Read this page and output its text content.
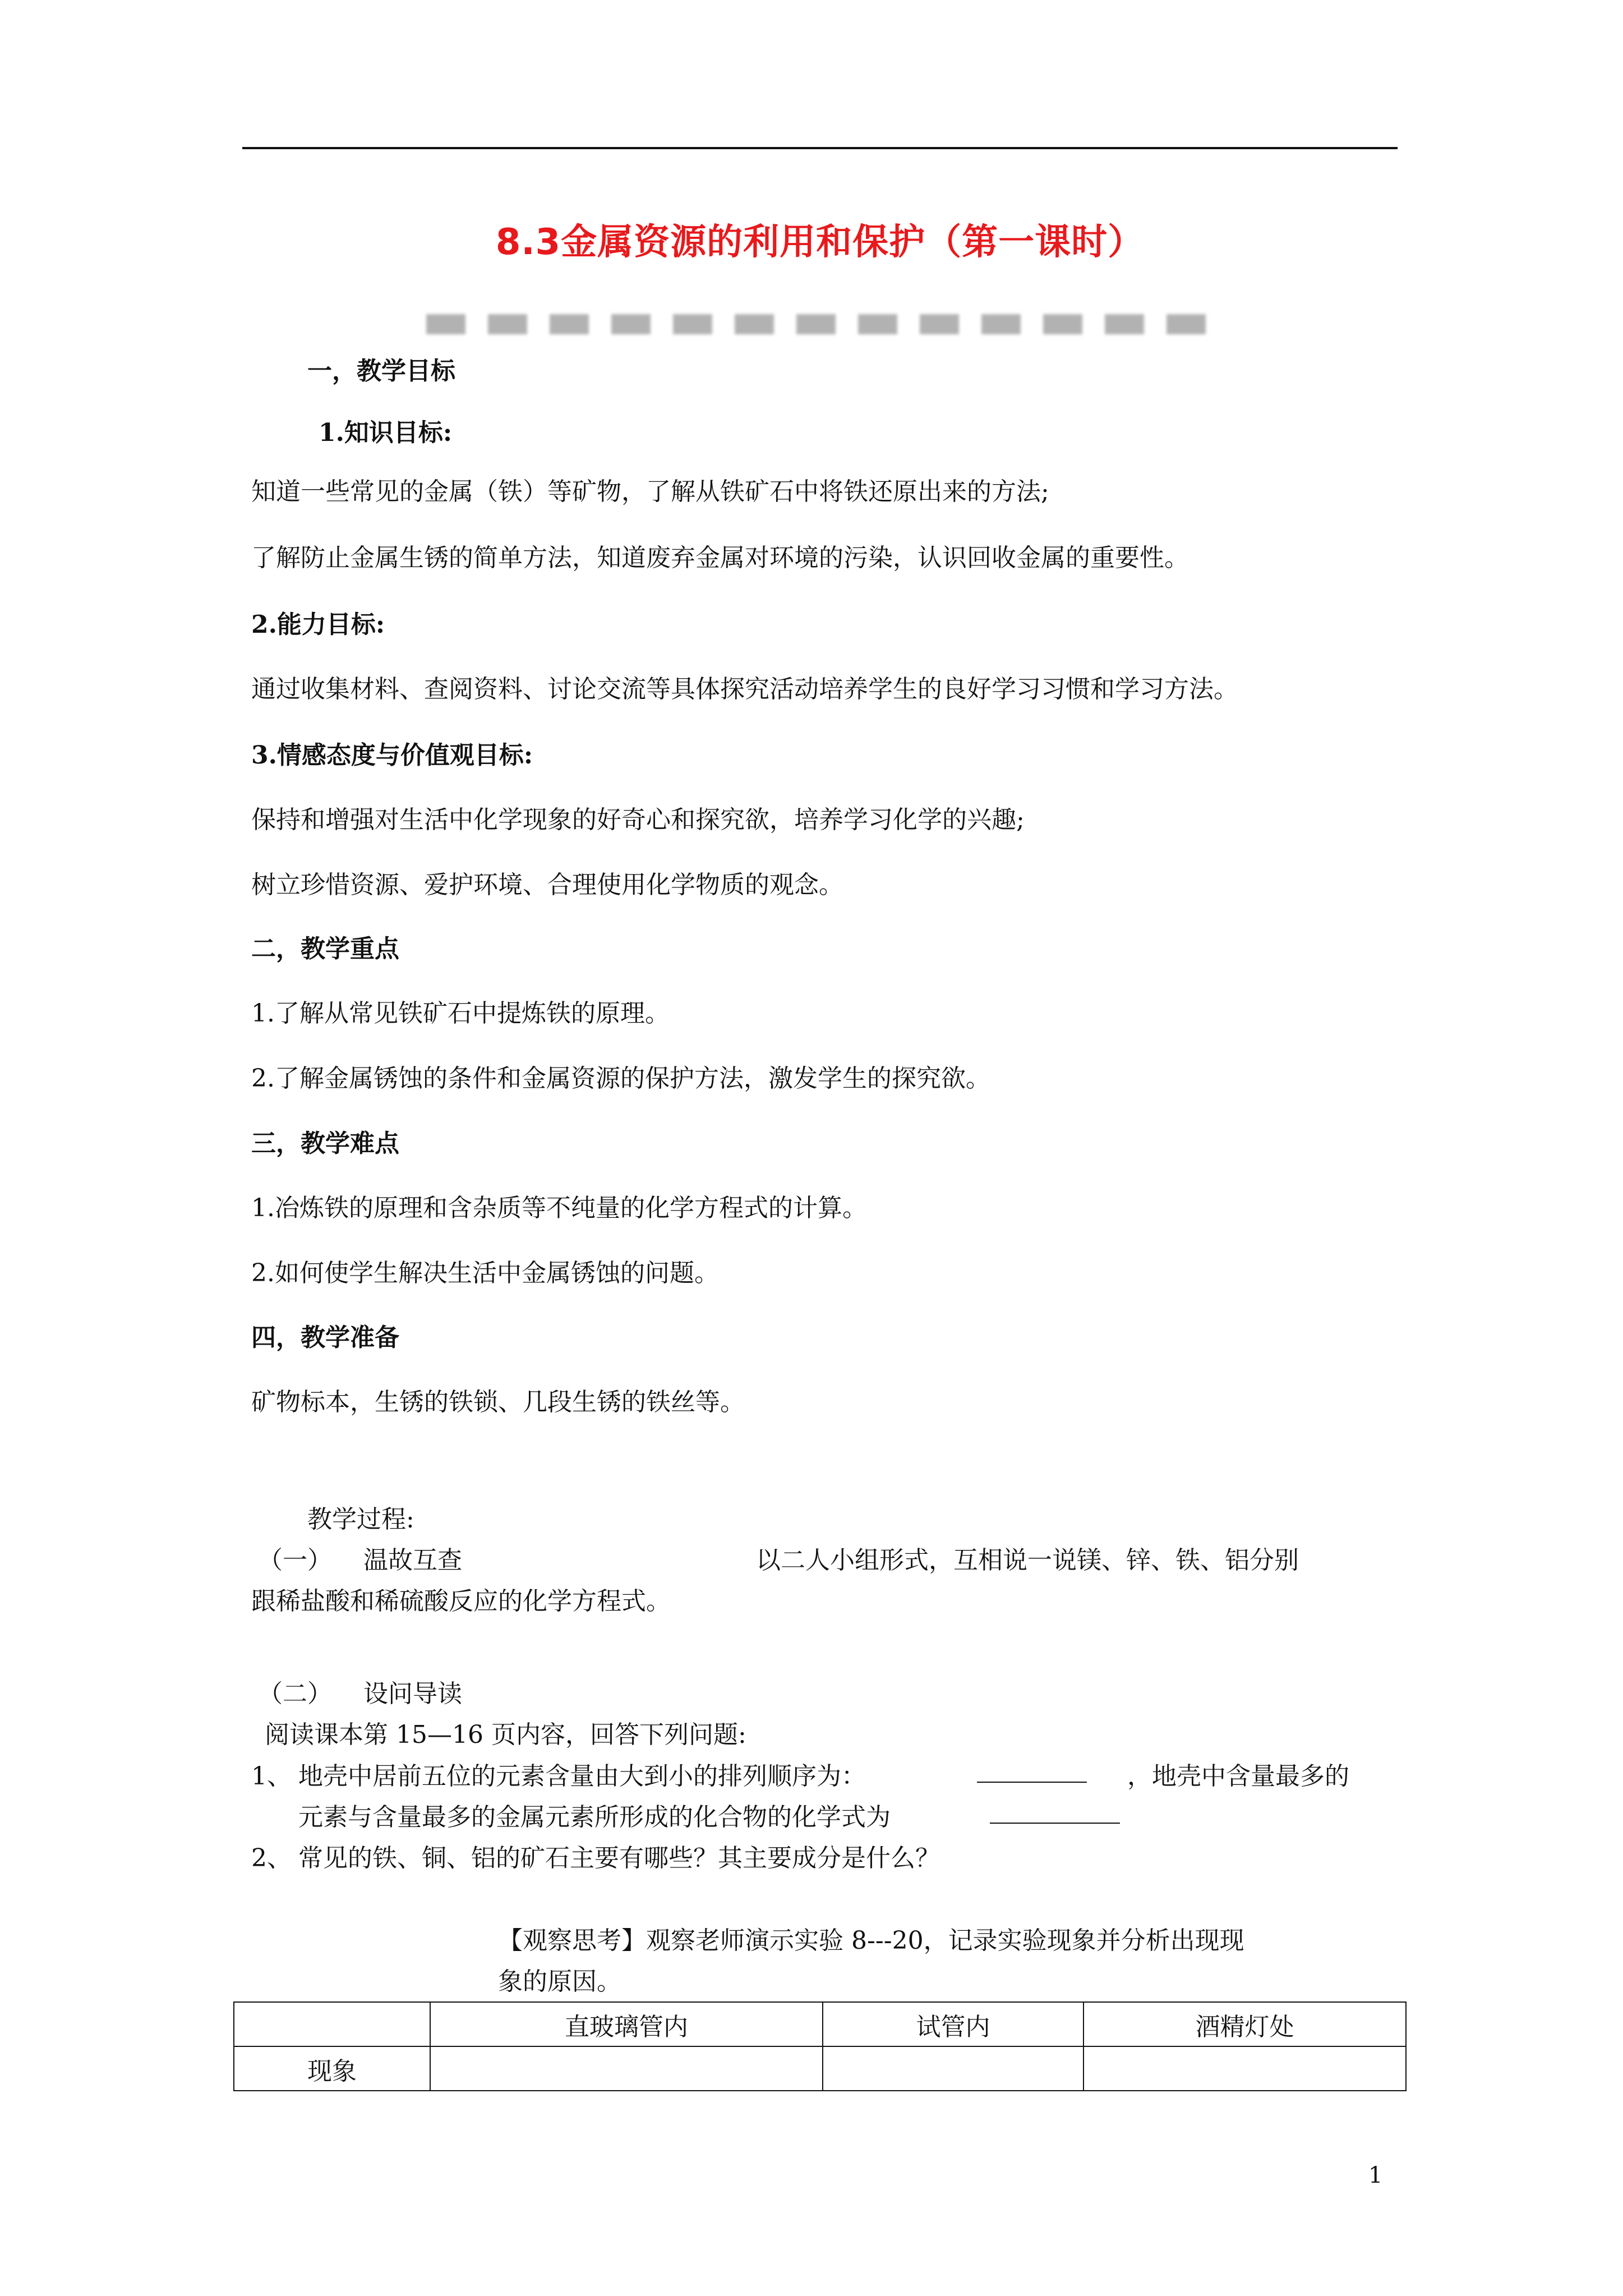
8.3金属资源的利用和保护（第一课时）
一，教学目标
1.知识目标:
知道一些常见的金属（铁）等矿物，了解从铁矿石中将铁还原出来的方法;
了解防止金属生锈的简单方法，知道废弃金属对环境的污染，认识回收金属的重要性。
2.能力目标:
通过收集材料、查阅资料、讨论交流等具体探究活动培养学生的良好学习习惯和学习方法。
3.情感态度与价值观目标:
保持和增强对生活中化学现象的好奇心和探究欲，培养学习化学的兴趣;
树立珍惜资源、爱护环境、合理使用化学物质的观念。
二，教学重点
1.了解从常见铁矿石中提炼铁的原理。
2.了解金属锈蚀的条件和金属资源的保护方法，激发学生的探究欲。
三，教学难点
1.冶炼铁的原理和含杂质等不纯量的化学方程式的计算。
2.如何使学生解决生活中金属锈蚀的问题。
四，教学准备
矿物标本，生锈的铁锁、几段生锈的铁丝等。
教学过程:
（一） 温故互查	以二人小组形式，互相说一说镁、锌、铁、铝分别
跟稀盐酸和稀硫酸反应的化学方程式。
（二） 设问导读
阅读课本第 15—16 页内容，回答下列问题:
1、 地壳中居前五位的元素含量由大到小的排列顺序为：	，地壳中含量最多的
元素与含量最多的金属元素所形成的化合物的化学式为
2、 常见的铁、铜、铝的矿石主要有哪些？其主要成分是什么？
【观察思考】观察老师演示实验 8---20，记录实验现象并分析出现现
象的原因。
	直玻璃管内	试管内	酒精灯处
现象			
1
